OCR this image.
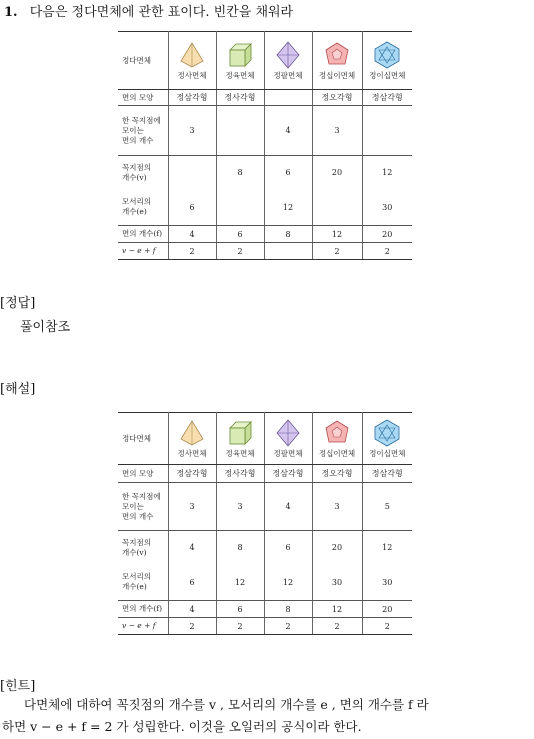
1. 다음은 정다면체에 관한 표이다. 빈칸을 채워라
정다면체	정사면체	정육면체	정팔면체	정십이면체	정이십면체

면의 모양	정삼각형	정사각형		정오각형	정삼각형

한 꼭지점에
모이는
면의 개수	3		4	3	

꼭지점의
개수(v)		8	6	20	12

모서리의
개수(e)	6		12		30
면의 개수(f)	4	6	8	12	20
v − e + f	2	2		2	2
[정답]
풀이참조
[해설]
정다면체	정사면체	정육면체	정팔면체	정십이면체	정이십면체

면의 모양	정삼각형	정사각형	정삼각형	정오각형	정삼각형

한 꼭지점에
모이는
면의 개수	3	3	4	3	5

꼭지점의
개수(v)	4	8	6	20	12

모서리의
개수(e)	6	12	12	30	30
면의 개수(f)	4	6	8	12	20
v − e + f	2	2	2	2	2
[힌트]
다면체에 대하여 꼭짓점의 개수를 v , 모서리의 개수를 e , 면의 개수를 f 라
하면 v − e + f = 2 가 성립한다. 이것을 오일러의 공식이라 한다.
